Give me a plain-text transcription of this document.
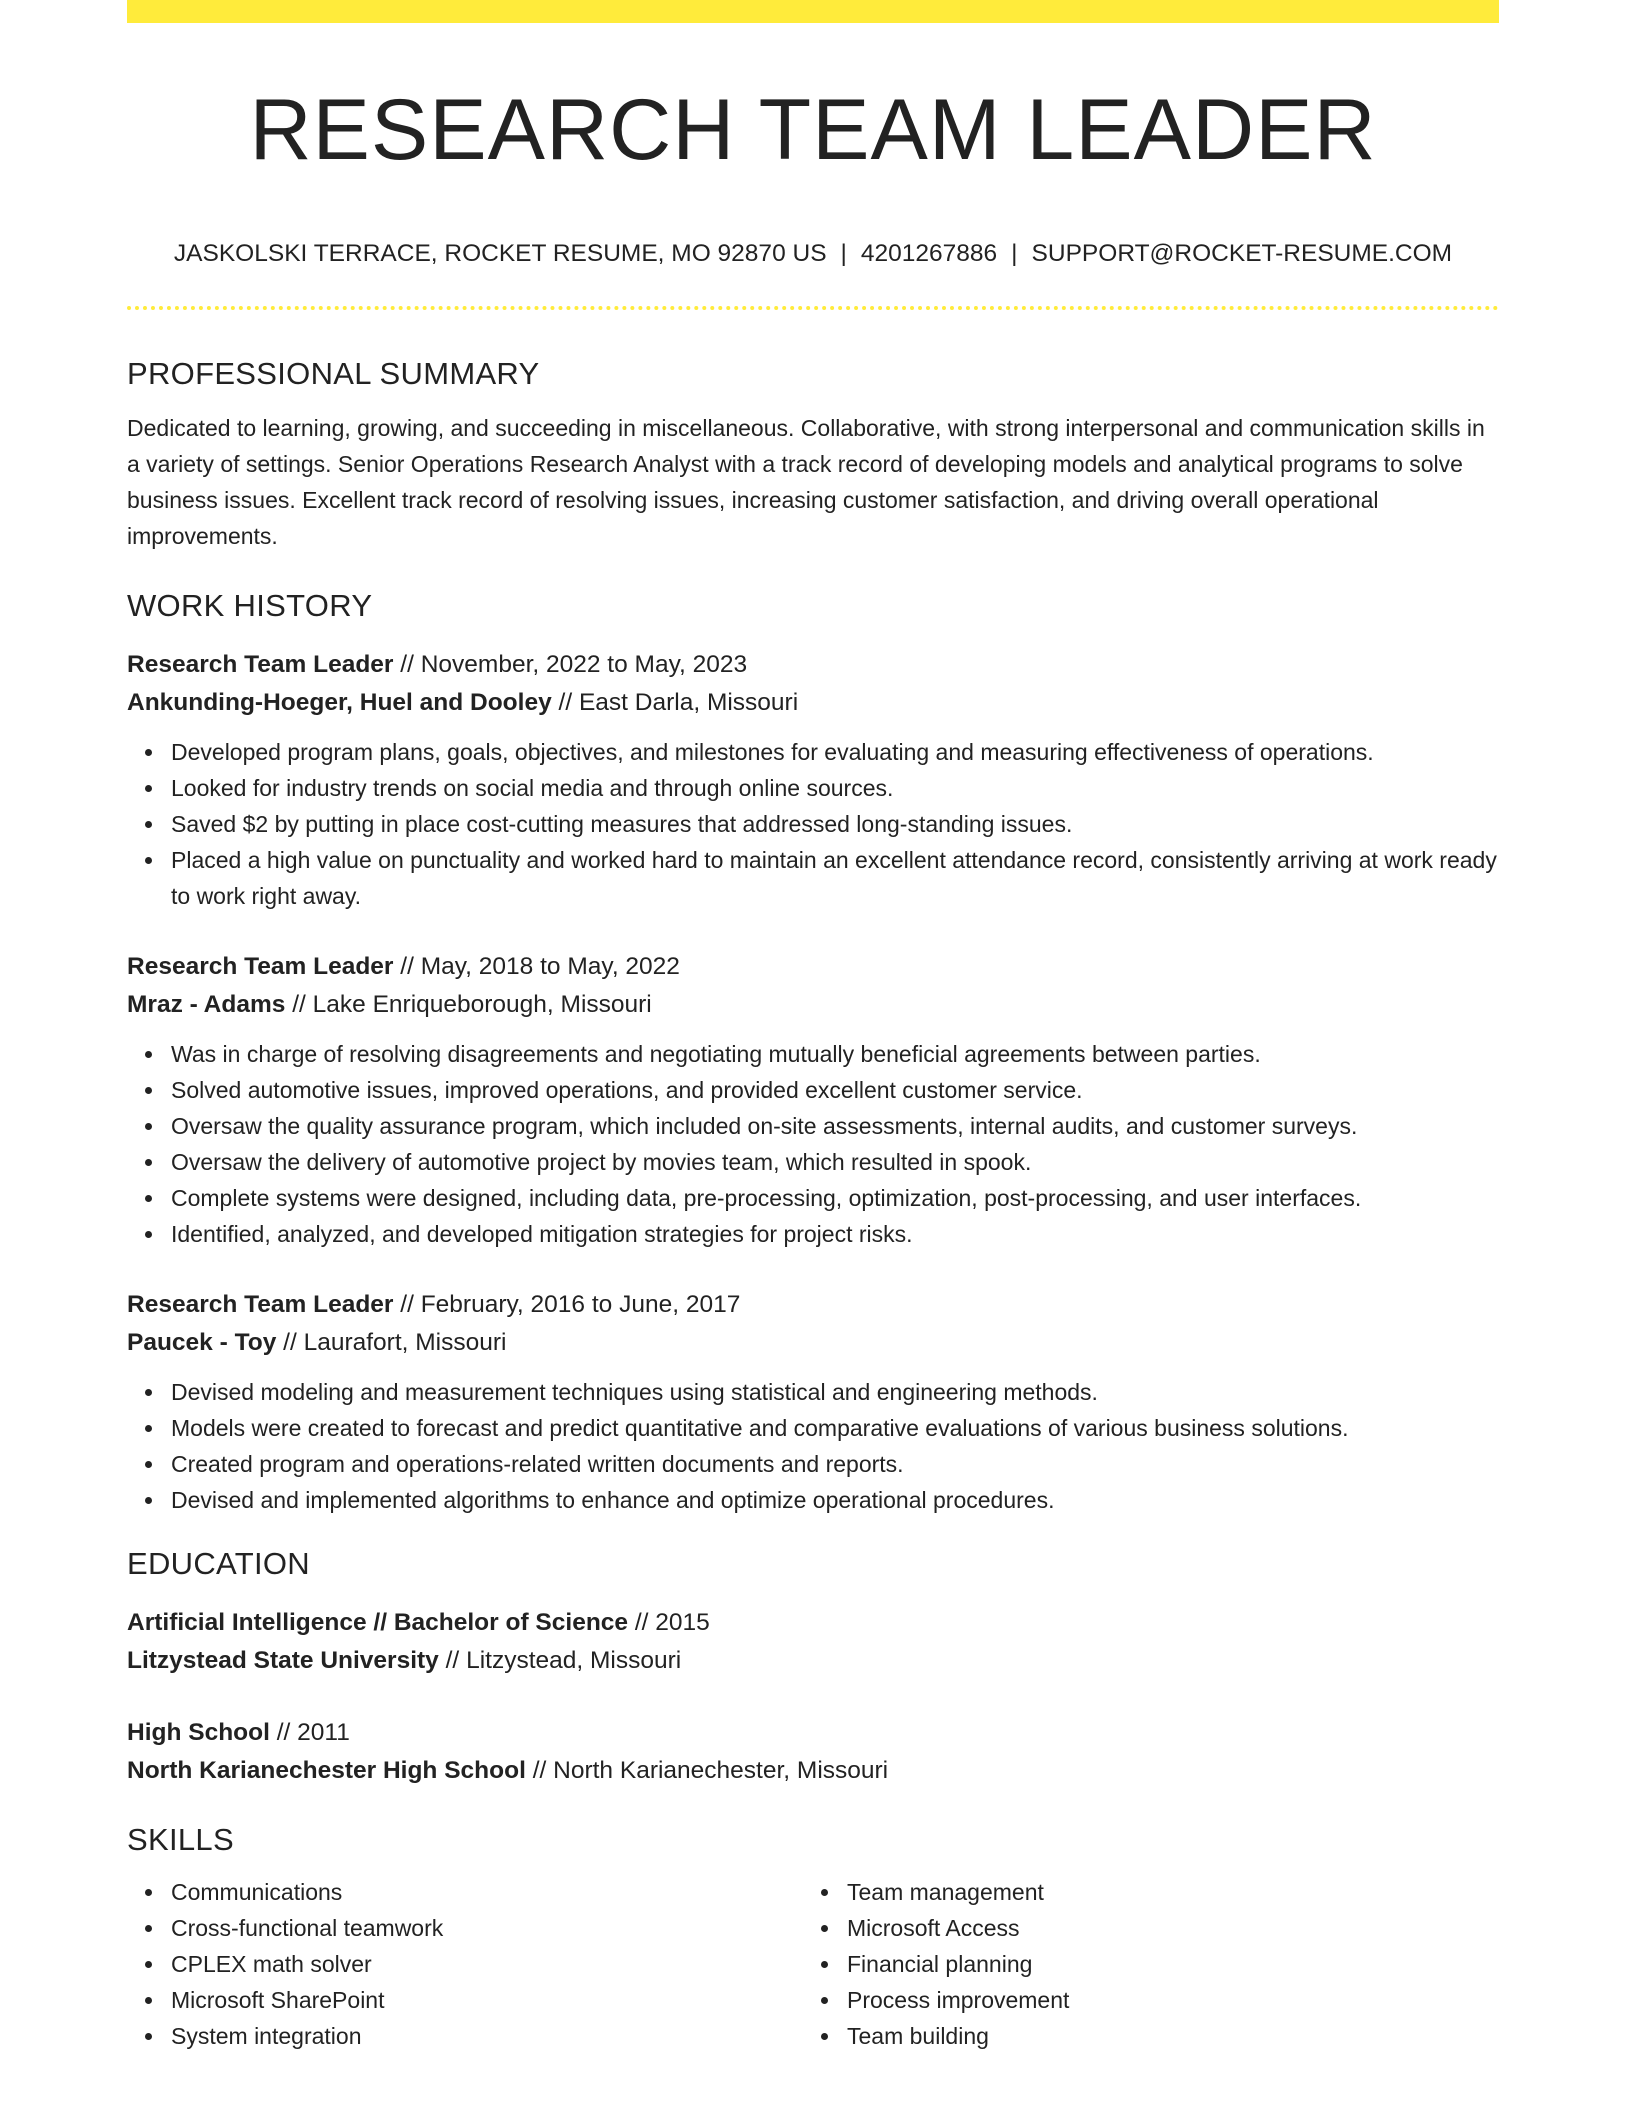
RESEARCH TEAM LEADER
JASKOLSKI TERRACE, ROCKET RESUME, MO 92870 US | 4201267886 | SUPPORT@ROCKET-RESUME.COM
PROFESSIONAL SUMMARY

Dedicated to learning, growing, and succeeding in miscellaneous. Collaborative, with strong interpersonal and communication skills in a variety of settings. Senior Operations Research Analyst with a track record of developing models and analytical programs to solve business issues. Excellent track record of resolving issues, increasing customer satisfaction, and driving overall operational improvements.

WORK HISTORY
Research Team Leader // November, 2022 to May, 2023
Ankunding-Hoeger, Huel and Dooley // East Darla, Missouri
Developed program plans, goals, objectives, and milestones for evaluating and measuring effectiveness of operations.
Looked for industry trends on social media and through online sources.
Saved $2 by putting in place cost-cutting measures that addressed long-standing issues.
Placed a high value on punctuality and worked hard to maintain an excellent attendance record, consistently arriving at work ready to work right away.
Research Team Leader // May, 2018 to May, 2022
Mraz - Adams // Lake Enriqueborough, Missouri
Was in charge of resolving disagreements and negotiating mutually beneficial agreements between parties.
Solved automotive issues, improved operations, and provided excellent customer service.
Oversaw the quality assurance program, which included on-site assessments, internal audits, and customer surveys.
Oversaw the delivery of automotive project by movies team, which resulted in spook.
Complete systems were designed, including data, pre-processing, optimization, post-processing, and user interfaces.
Identified, analyzed, and developed mitigation strategies for project risks.
Research Team Leader // February, 2016 to June, 2017
Paucek - Toy // Laurafort, Missouri
Devised modeling and measurement techniques using statistical and engineering methods.
Models were created to forecast and predict quantitative and comparative evaluations of various business solutions.
Created program and operations-related written documents and reports.
Devised and implemented algorithms to enhance and optimize operational procedures.
EDUCATION
Artificial Intelligence // Bachelor of Science // 2015
Litzystead State University // Litzystead, Missouri
High School // 2011
North Karianechester High School // North Karianechester, Missouri
SKILLS
Communications
Cross-functional teamwork
CPLEX math solver
Microsoft SharePoint
System integration
Team management
Microsoft Access
Financial planning
Process improvement
Team building
